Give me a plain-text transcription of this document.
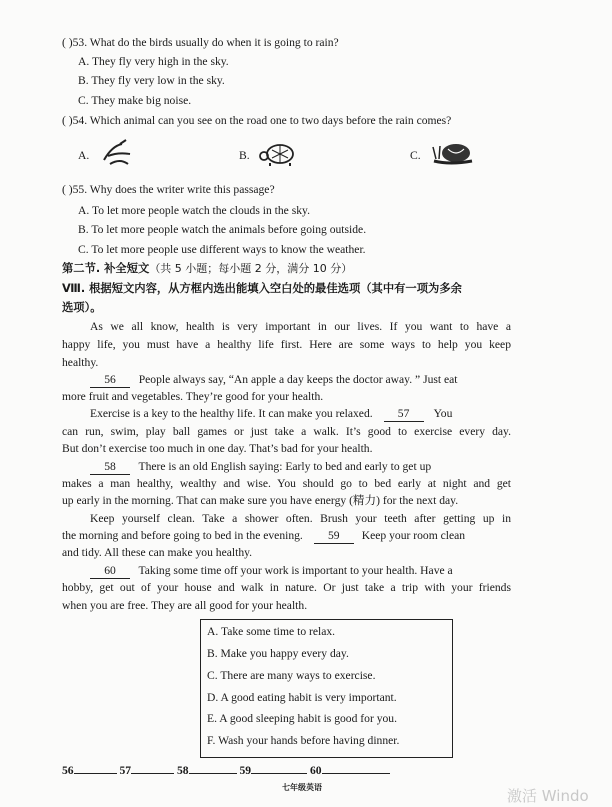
( )53. What do the birds usually do when it is going to rain?
A. They fly very high in the sky.
B. They fly very low in the sky.
C. They make big noise.
( )54. Which animal can you see on the road one to two days before the rain comes?
A.	B.	C.
( )55. Why does the writer write this passage?
A. To let more people watch the clouds in the sky.
B. To let more people watch the animals before going outside.
C. To let more people use different ways to know the weather.
第二节. 补全短文（共 5 小题；每小题 2 分，满分 10 分）
Ⅷ. 根据短文内容，从方框内选出能填入空白处的最佳选项（其中有一项为多余
选项）。
As we all know, health is very important in our lives. If you want to have a
happy life, you must have a healthy life first. Here are some ways to help you keep
healthy.
56 People always say, “An apple a day keeps the doctor away. ” Just eat
more fruit and vegetables. They’re good for your health.
Exercise is a key to the healthy life. It can make you relaxed. 57 You
can run, swim, play ball games or just take a walk. It’s good to exercise every day.
But don’t exercise too much in one day. That’s bad for your health.
58 There is an old English saying: Early to bed and early to get up
makes a man healthy, wealthy and wise. You should go to bed early at night and get
up early in the morning. That can make sure you have energy (精力) for the next day.
Keep yourself clean. Take a shower often. Brush your teeth after getting up in
the morning and before going to bed in the evening. 59 Keep your room clean
and tidy. All these can make you healthy.
60 Taking some time off your work is important to your health. Have a
hobby, get out of your house and walk in nature. Or just take a trip with your friends
when you are free. They are all good for your health.
A. Take some time to relax.
B. Make you happy every day.
C. There are many ways to exercise.
D. A good eating habit is very important.
E. A good sleeping habit is good for you.
F. Wash your hands before having dinner.
56	57	58	59	60
七年级英语	激活 Windo
